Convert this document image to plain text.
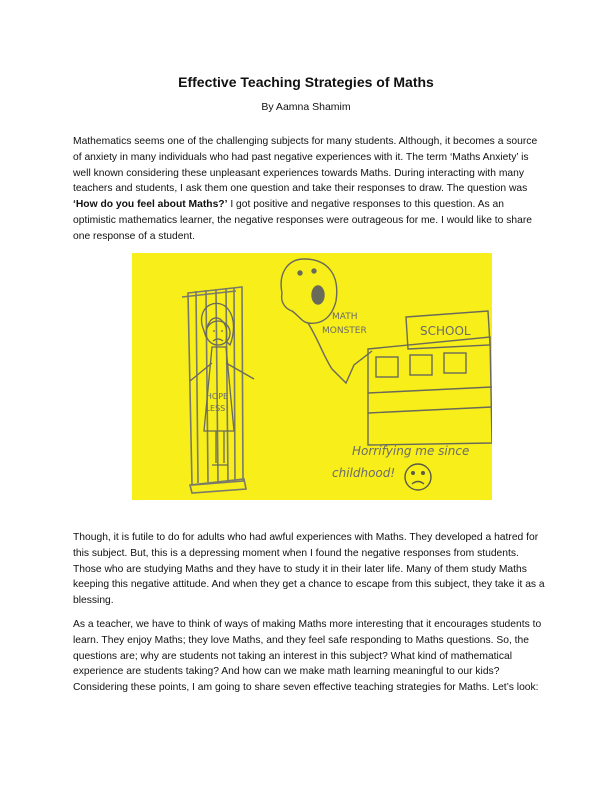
Effective Teaching Strategies of Maths
By Aamna Shamim

Mathematics seems one of the challenging subjects for many students. Although, it becomes a source of anxiety in many individuals who had past negative experiences with it. The term ‘Maths Anxiety’ is well known considering these unpleasant experiences towards Maths. During interacting with many teachers and students, I ask them one question and take their responses to draw. The question was ‘How do you feel about Maths?’ I got positive and negative responses to this question. As an optimistic mathematics learner, the negative responses were outrageous for me. I would like to share one response of a student.

HOPE
LESS!
MATH
MONSTER	SCHOOL
Horrifying me since
childhood!

Though, it is futile to do for adults who had awful experiences with Maths. They developed a hatred for this subject. But, this is a depressing moment when I found the negative responses from students. Those who are studying Maths and they have to study it in their later life. Many of them study Maths keeping this negative attitude. And when they get a chance to escape from this subject, they take it as a blessing.

As a teacher, we have to think of ways of making Maths more interesting that it encourages students to learn. They enjoy Maths; they love Maths, and they feel safe responding to Maths questions. So, the questions are; why are students not taking an interest in this subject? What kind of mathematical experience are students taking? And how can we make math learning meaningful to our kids? Considering these points, I am going to share seven effective teaching strategies for Maths. Let’s look:
